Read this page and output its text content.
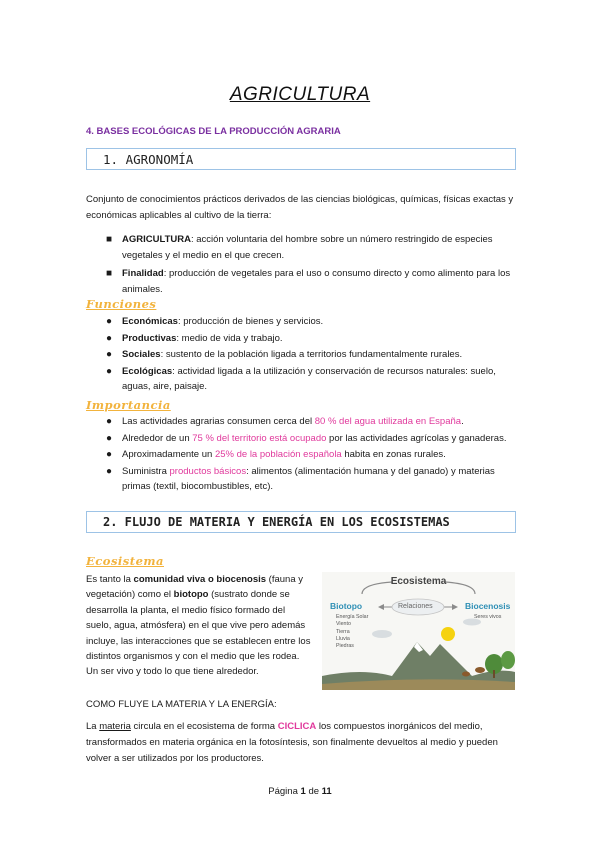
AGRICULTURA
4. BASES ECOLÓGICAS DE LA PRODUCCIÓN AGRARIA
1. AGRONOMÍA
Conjunto de conocimientos prácticos derivados de las ciencias biológicas, químicas, físicas exactas y económicas aplicables al cultivo de la tierra:
■ AGRICULTURA: acción voluntaria del hombre sobre un número restringido de especies vegetales y el medio en el que crecen.
■ Finalidad: producción de vegetales para el uso o consumo directo y como alimento para los animales.
Funciones
● Económicas: producción de bienes y servicios.
● Productivas: medio de vida y trabajo.
● Sociales: sustento de la población ligada a territorios fundamentalmente rurales.
● Ecológicas: actividad ligada a la utilización y conservación de recursos naturales: suelo, aguas, aire, paisaje.
Importancia
● Las actividades agrarias consumen cerca del 80 % del agua utilizada en España.
● Alrededor de un 75 % del territorio está ocupado por las actividades agrícolas y ganaderas.
● Aproximadamente un 25% de la población española habita en zonas rurales.
● Suministra productos básicos: alimentos (alimentación humana y del ganado) y materias primas (textil, biocombustibles, etc).
2. FLUJO DE MATERIA Y ENERGÍA EN LOS ECOSISTEMAS
Ecosistema
Es tanto la comunidad viva o biocenosis (fauna y vegetación) como el biotopo (sustrato donde se desarrolla la planta, el medio físico formado del suelo, agua, atmósfera) en el que vive pero además incluye, las interacciones que se establecen entre los distintos organismos y con el medio que les rodea. Un ser vivo y todo lo que tiene alrededor.
Ecosistema
Biotopo	Relaciones	Biocenosis
Energía Solar
Viento
Tierra
Lluvia
Piedras
Seres vivos
COMO FLUYE LA MATERIA Y LA ENERGÍA:
La materia circula en el ecosistema de forma CICLICA los compuestos inorgánicos del medio, transformados en materia orgánica en la fotosíntesis, son finalmente devueltos al medio y pueden volver a ser utilizados por los productores.
Página 1 de 11
